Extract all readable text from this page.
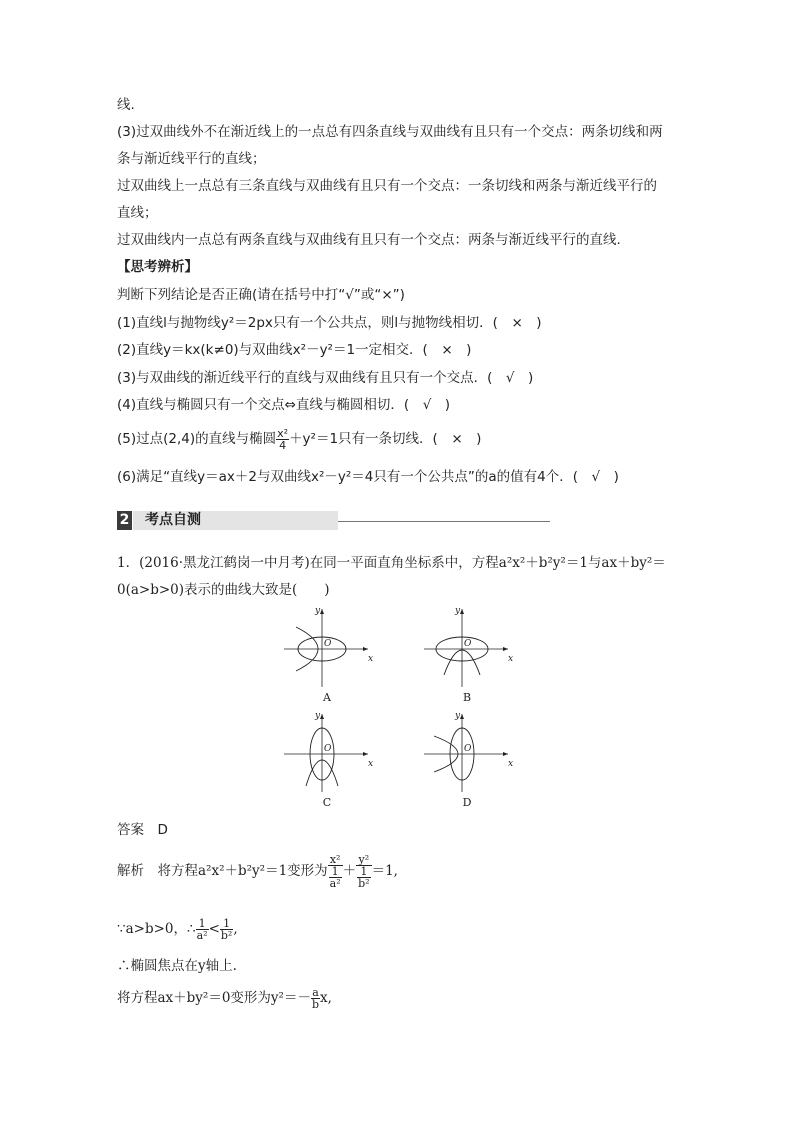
线.
(3)过双曲线外不在渐近线上的一点总有四条直线与双曲线有且只有一个交点：两条切线和两
条与渐近线平行的直线；
过双曲线上一点总有三条直线与双曲线有且只有一个交点：一条切线和两条与渐近线平行的
直线；
过双曲线内一点总有两条直线与双曲线有且只有一个交点：两条与渐近线平行的直线.
【思考辨析】
判断下列结论是否正确(请在括号中打“√”或“×”)
(1)直线l与抛物线y²＝2px只有一个公共点，则l与抛物线相切．(　×　)
(2)直线y＝kx(k≠0)与双曲线x²－y²＝1一定相交．(　×　)
(3)与双曲线的渐近线平行的直线与双曲线有且只有一个交点．(　√　)
(4)直线与椭圆只有一个交点⇔直线与椭圆相切．(　√　)
(5)过点(2,4)的直线与椭圆 $\frac{\text{x²}}{4} +y^2=1$只有一条切线．(　×　)
(6)满足“直线y＝ax＋2与双曲线x²－y²＝4只有一个公共点”的a的值有4个．(　√　)
2 考点自测
1．(2016·黑龙江鹤岗一中月考)在同一平面直角坐标系中，方程a²x²＋b²y²＝1与ax＋by²＝
0(a>b>0)表示的曲线大致是(　　)
y
x
O
A
y
x
O
B
y
x
O
C
y
x
O
D
答案　D
解析　将方程a²x²＋b²y²＝1变形为 $\frac{\text{x²}}{\frac{1}{\text{a²}}} + \frac{\text{y²}}{\frac{1}{\text{b²}}} =1$,
∵a>b>0，∴ $\frac{1}{\text{a²}} < \frac{1}{\text{b²}}$ ,
∴椭圆焦点在y轴上.
将方程ax＋by²＝0变形为$y^2=- \frac{a}{b} x$,
